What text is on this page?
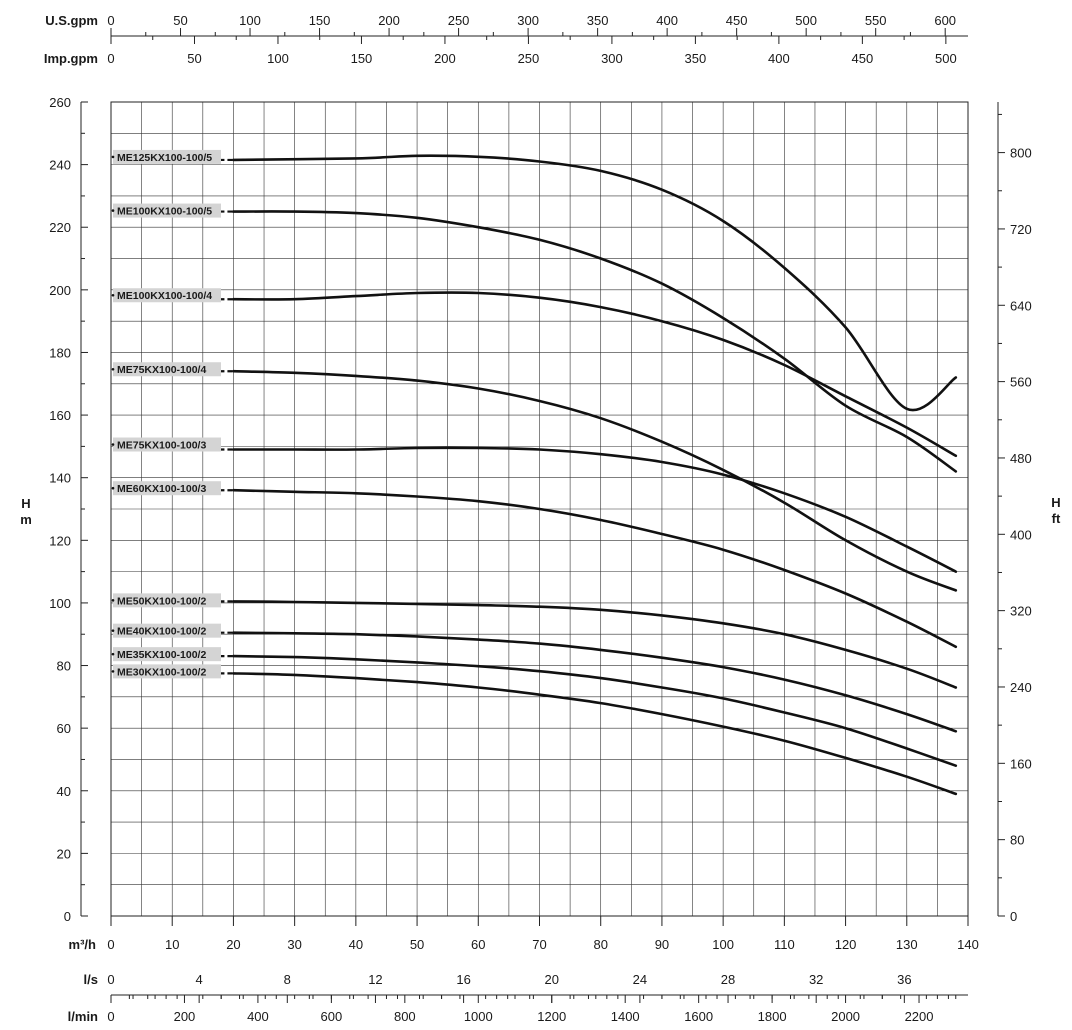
ME125KX100-100/5
ME100KX100-100/5
ME100KX100-100/4
ME75KX100-100/4
ME75KX100-100/3
ME60KX100-100/3
ME50KX100-100/2
ME40KX100-100/2
ME35KX100-100/2
ME30KX100-100/2
0
20
40
60
80
100
120
140
160
180
200
220
240
260
H
m
0
80
160
240
320
400
480
560
640
720
800
H
ft
0	10	20	30	40	50	60	70	80	90	100	110	120	130	140
m³/h
0	4	8	12	16	20	24	28	32	36
l/s
0	200	400	600	800	1000	1200	1400	1600	1800	2000	2200
l/min
0	50	100	150	200	250	300	350	400	450	500	550	600
U.S.gpm
0	50	100	150	200	250	300	350	400	450	500
Imp.gpm
